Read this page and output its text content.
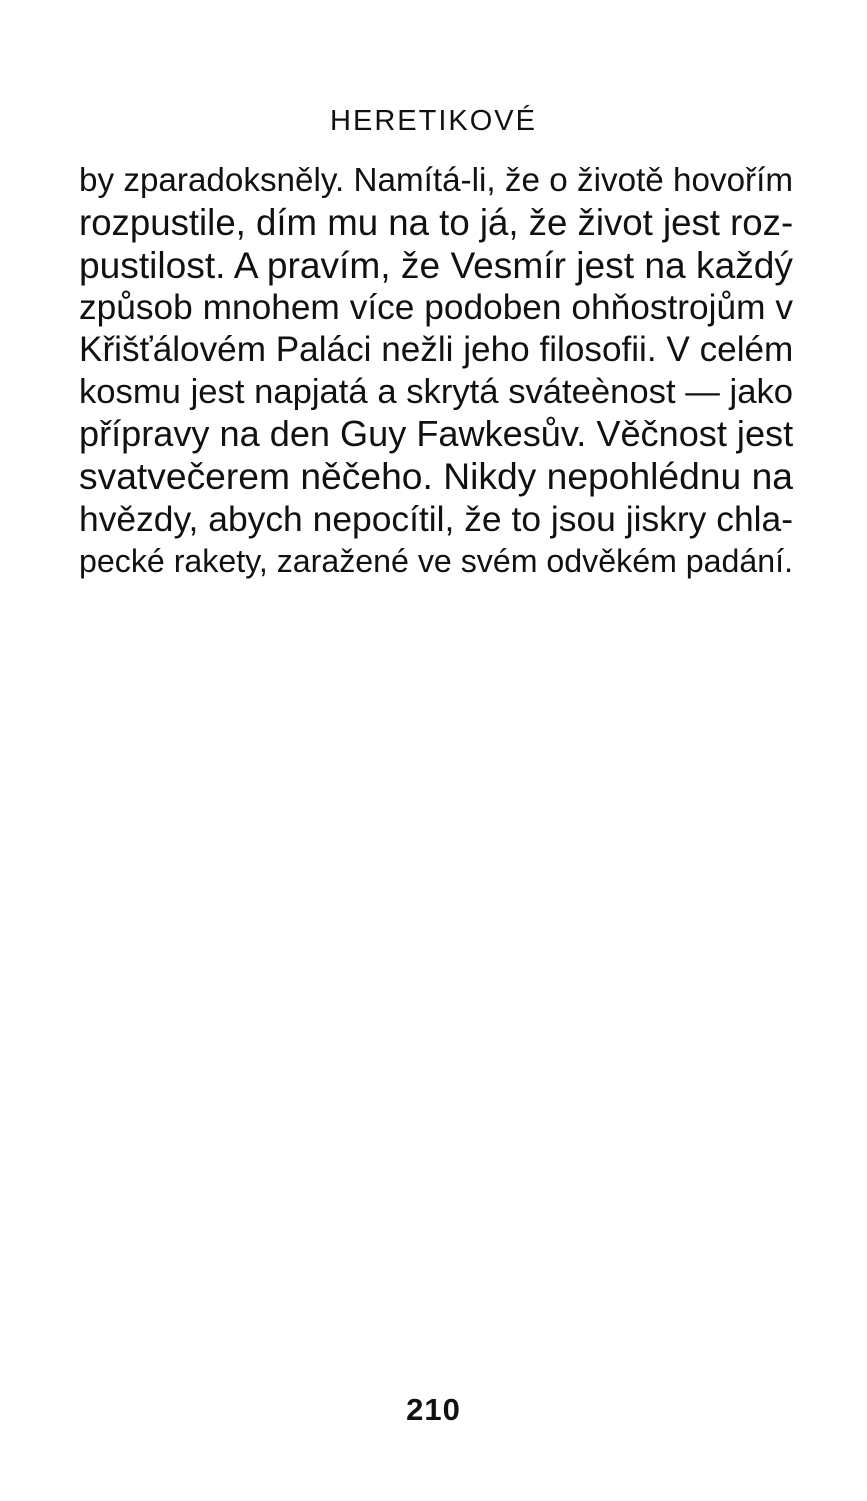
HERETIKOVÉ
by zparadoksněly. Namítá-li, že o životě hovořím
rozpustile, dím mu na to já, že život jest roz-
pustilost. A pravím, že Vesmír jest na každý
způsob mnohem více podoben ohňostrojům v
Křišťálovém Paláci nežli jeho filosofii. V celém
kosmu jest napjatá a skrytá sváteènost — jako
přípravy na den Guy Fawkesův. Věčnost jest
svatvečerem něčeho. Nikdy nepohlédnu na
hvězdy, abych nepocítil, že to jsou jiskry chla-
pecké rakety, zaražené ve svém odvěkém padání.
210
